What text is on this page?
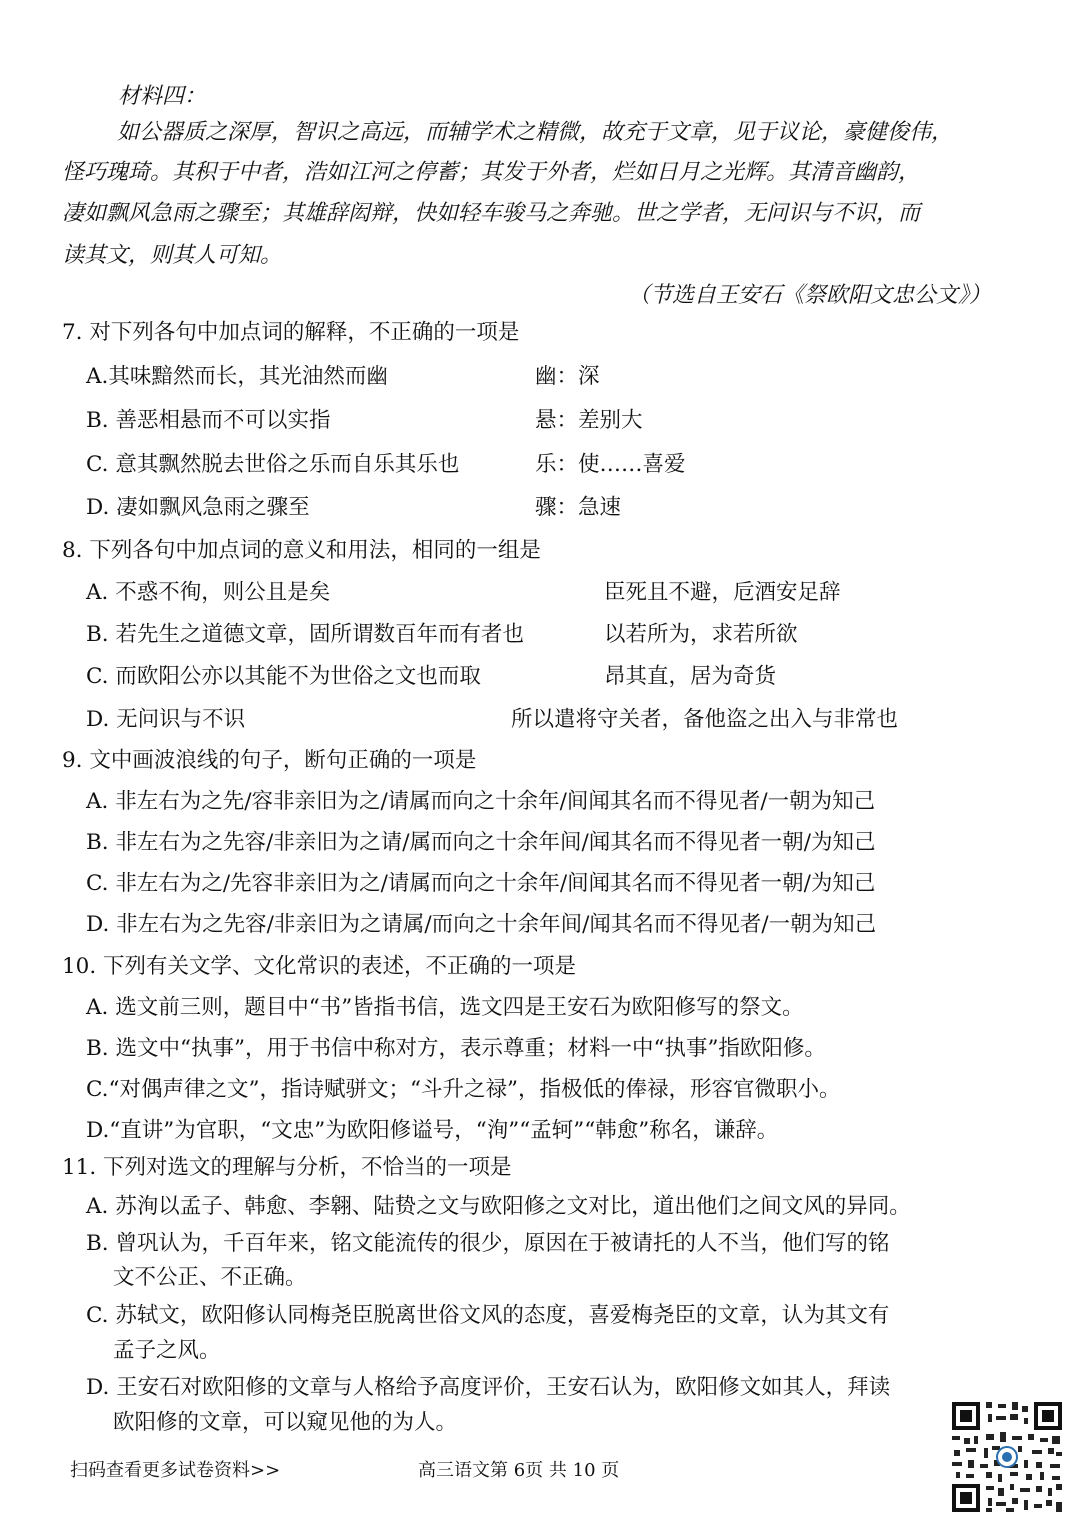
材料四：
如公器质之深厚，智识之高远，而辅学术之精微，故充于文章，见于议论，豪健俊伟，
怪巧瑰琦。其积于中者，浩如江河之停蓄；其发于外者，烂如日月之光辉。其清音幽韵，
凄如飘风急雨之骤至；其雄辞闳辩，快如轻车骏马之奔驰。世之学者，无问识与不识，而
读其文，则其人可知。
（节选自王安石《祭欧阳文忠公文》）
7. 对下列各句中加点词的解释，不正确的一项是
A.其味黯然而长，其光油然而幽	幽：深
B. 善恶相悬而不可以实指	悬：差别大
C. 意其飘然脱去世俗之乐而自乐其乐也	乐：使……喜爱
D. 凄如飘风急雨之骤至	骤：急速
8. 下列各句中加点词的意义和用法，相同的一组是
A. 不惑不徇，则公且是矣	臣死且不避，卮酒安足辞
B. 若先生之道德文章，固所谓数百年而有者也	以若所为，求若所欲
C. 而欧阳公亦以其能不为世俗之文也而取	昂其直，居为奇货
D. 无问识与不识	所以遣将守关者，备他盗之出入与非常也
9. 文中画波浪线的句子，断句正确的一项是
A. 非左右为之先/容非亲旧为之/请属而向之十余年/间闻其名而不得见者/一朝为知己
B. 非左右为之先容/非亲旧为之请/属而向之十余年间/闻其名而不得见者一朝/为知己
C. 非左右为之/先容非亲旧为之/请属而向之十余年/间闻其名而不得见者一朝/为知己
D. 非左右为之先容/非亲旧为之请属/而向之十余年间/闻其名而不得见者/一朝为知己
10. 下列有关文学、文化常识的表述，不正确的一项是
A. 选文前三则，题目中“书”皆指书信，选文四是王安石为欧阳修写的祭文。
B. 选文中“执事”，用于书信中称对方，表示尊重；材料一中“执事”指欧阳修。
C.“对偶声律之文”，指诗赋骈文；“斗升之禄”，指极低的俸禄，形容官微职小。
D.“直讲”为官职，“文忠”为欧阳修谥号，“洵”“孟轲”“韩愈”称名，谦辞。
11. 下列对选文的理解与分析，不恰当的一项是
A. 苏洵以孟子、韩愈、李翱、陆贽之文与欧阳修之文对比，道出他们之间文风的异同。
B. 曾巩认为，千百年来，铭文能流传的很少，原因在于被请托的人不当，他们写的铭
文不公正、不正确。
C. 苏轼文，欧阳修认同梅尧臣脱离世俗文风的态度，喜爱梅尧臣的文章，认为其文有
孟子之风。
D. 王安石对欧阳修的文章与人格给予高度评价，王安石认为，欧阳修文如其人，拜读
欧阳修的文章，可以窥见他的为人。
扫码查看更多试卷资料>>	高三语文第 6页 共 10 页
